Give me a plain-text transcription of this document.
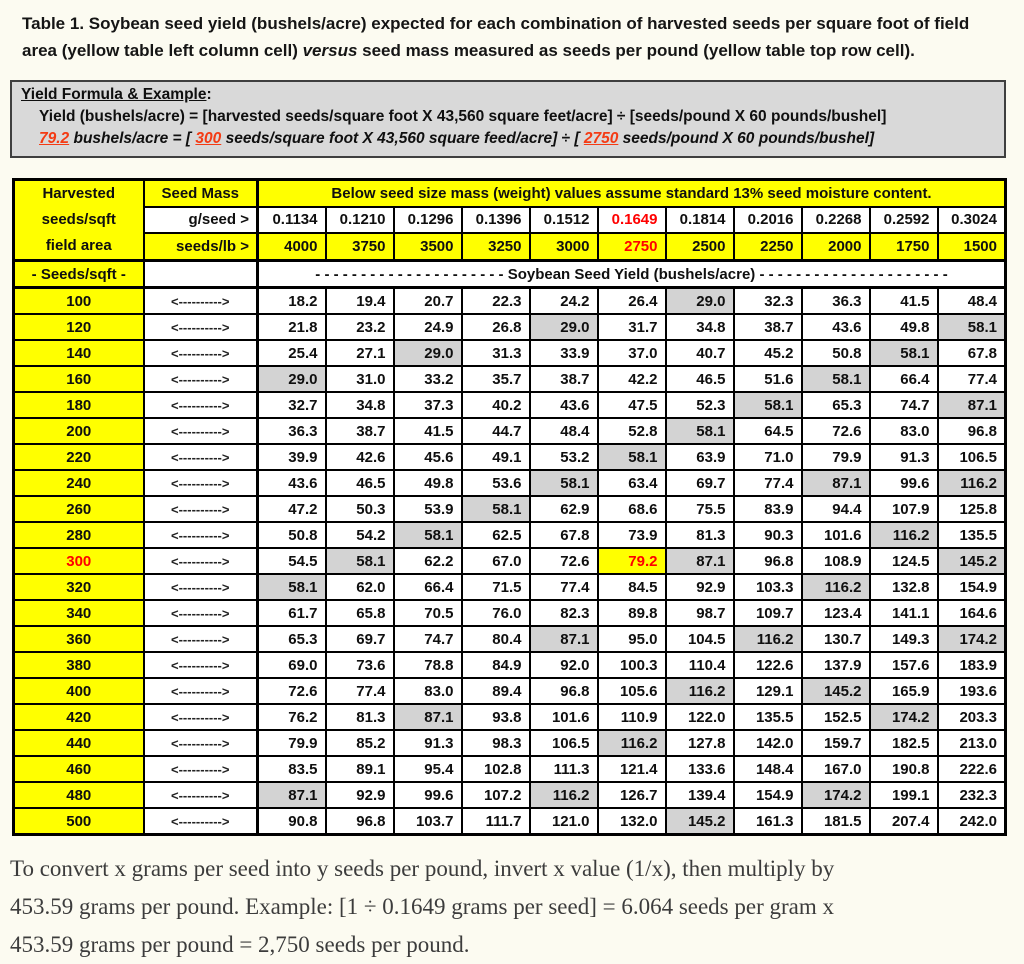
Table 1. Soybean seed yield (bushels/acre) expected for each combination of harvested seeds per square foot of field area (yellow table left column cell) versus seed mass measured as seeds per pound (yellow table top row cell).
Yield Formula & Example:
Yield (bushels/acre) = [harvested seeds/square foot X 43,560 square feet/acre] ÷ [seeds/pound X 60 pounds/bushel]
79.2 bushels/acre = [ 300 seeds/square foot X 43,560 square feed/acre] ÷ [ 2750 seeds/pound X 60 pounds/bushel]
Harvested
seeds/sqft
field area	Seed Mass	Below seed size mass (weight) values assume standard 13% seed moisture content.										
	g/seed >	0.1134	0.1210	0.1296	0.1396	0.1512	0.1649	0.1814	0.2016	0.2268	0.2592	0.3024
	seeds/lb >	4000	3750	3500	3250	3000	2750	2500	2250	2000	1750	1500
- Seeds/sqft -		- - - - - - - - - - - - - - - - - - - - - Soybean Seed Yield (bushels/acre) - - - - - - - - - - - - - - - - - - - - -										
100	<---------->	18.2	19.4	20.7	22.3	24.2	26.4	29.0	32.3	36.3	41.5	48.4
120	<---------->	21.8	23.2	24.9	26.8	29.0	31.7	34.8	38.7	43.6	49.8	58.1
140	<---------->	25.4	27.1	29.0	31.3	33.9	37.0	40.7	45.2	50.8	58.1	67.8
160	<---------->	29.0	31.0	33.2	35.7	38.7	42.2	46.5	51.6	58.1	66.4	77.4
180	<---------->	32.7	34.8	37.3	40.2	43.6	47.5	52.3	58.1	65.3	74.7	87.1
200	<---------->	36.3	38.7	41.5	44.7	48.4	52.8	58.1	64.5	72.6	83.0	96.8
220	<---------->	39.9	42.6	45.6	49.1	53.2	58.1	63.9	71.0	79.9	91.3	106.5
240	<---------->	43.6	46.5	49.8	53.6	58.1	63.4	69.7	77.4	87.1	99.6	116.2
260	<---------->	47.2	50.3	53.9	58.1	62.9	68.6	75.5	83.9	94.4	107.9	125.8
280	<---------->	50.8	54.2	58.1	62.5	67.8	73.9	81.3	90.3	101.6	116.2	135.5
300	<---------->	54.5	58.1	62.2	67.0	72.6	79.2	87.1	96.8	108.9	124.5	145.2
320	<---------->	58.1	62.0	66.4	71.5	77.4	84.5	92.9	103.3	116.2	132.8	154.9
340	<---------->	61.7	65.8	70.5	76.0	82.3	89.8	98.7	109.7	123.4	141.1	164.6
360	<---------->	65.3	69.7	74.7	80.4	87.1	95.0	104.5	116.2	130.7	149.3	174.2
380	<---------->	69.0	73.6	78.8	84.9	92.0	100.3	110.4	122.6	137.9	157.6	183.9
400	<---------->	72.6	77.4	83.0	89.4	96.8	105.6	116.2	129.1	145.2	165.9	193.6
420	<---------->	76.2	81.3	87.1	93.8	101.6	110.9	122.0	135.5	152.5	174.2	203.3
440	<---------->	79.9	85.2	91.3	98.3	106.5	116.2	127.8	142.0	159.7	182.5	213.0
460	<---------->	83.5	89.1	95.4	102.8	111.3	121.4	133.6	148.4	167.0	190.8	222.6
480	<---------->	87.1	92.9	99.6	107.2	116.2	126.7	139.4	154.9	174.2	199.1	232.3
500	<---------->	90.8	96.8	103.7	111.7	121.0	132.0	145.2	161.3	181.5	207.4	242.0
To convert x grams per seed into y seeds per pound, invert x value (1/x), then multiply by
453.59 grams per pound. Example: [1 ÷ 0.1649 grams per seed] = 6.064 seeds per gram x
453.59 grams per pound = 2,750 seeds per pound.
